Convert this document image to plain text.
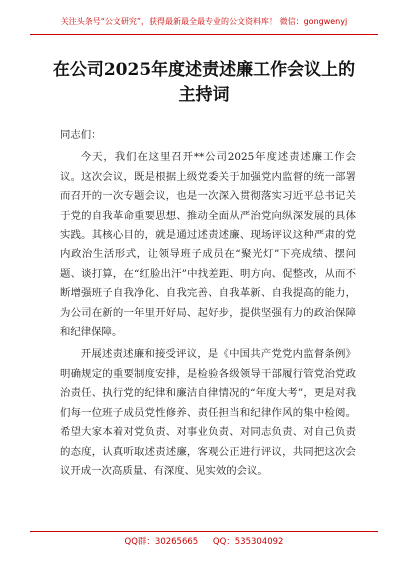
关注头条号“公文研究”，获得最新最全最专业的公文资料库！ 微信：gongwenyj
在公司2025年度述责述廉工作会议上的
主持词

同志们：

今天，我们在这里召开**公司2025年度述责述廉工作会议。这次会议，既是根据上级党委关于加强党内监督的统一部署而召开的一次专题会议，也是一次深入贯彻落实习近平总书记关于党的自我革命重要思想、推动全面从严治党向纵深发展的具体实践。其核心目的，就是通过述责述廉、现场评议这种严肃的党内政治生活形式，让领导班子成员在“聚光灯”下亮成绩、摆问题、谈打算，在“红脸出汗”中找差距、明方向、促整改，从而不断增强班子自我净化、自我完善、自我革新、自我提高的能力，为公司在新的一年里开好局、起好步，提供坚强有力的政治保障和纪律保障。

开展述责述廉和接受评议，是《中国共产党党内监督条例》明确规定的重要制度安排，是检验各级领导干部履行管党治党政治责任、执行党的纪律和廉洁自律情况的“年度大考”，更是对我们每一位班子成员党性修养、责任担当和纪律作风的集中检阅。希望大家本着对党负责、对事业负责、对同志负责、对自己负责的态度，认真听取述责述廉，客观公正进行评议，共同把这次会议开成一次高质量、有深度、见实效的会议。

QQ群：30265665 QQ：535304092
